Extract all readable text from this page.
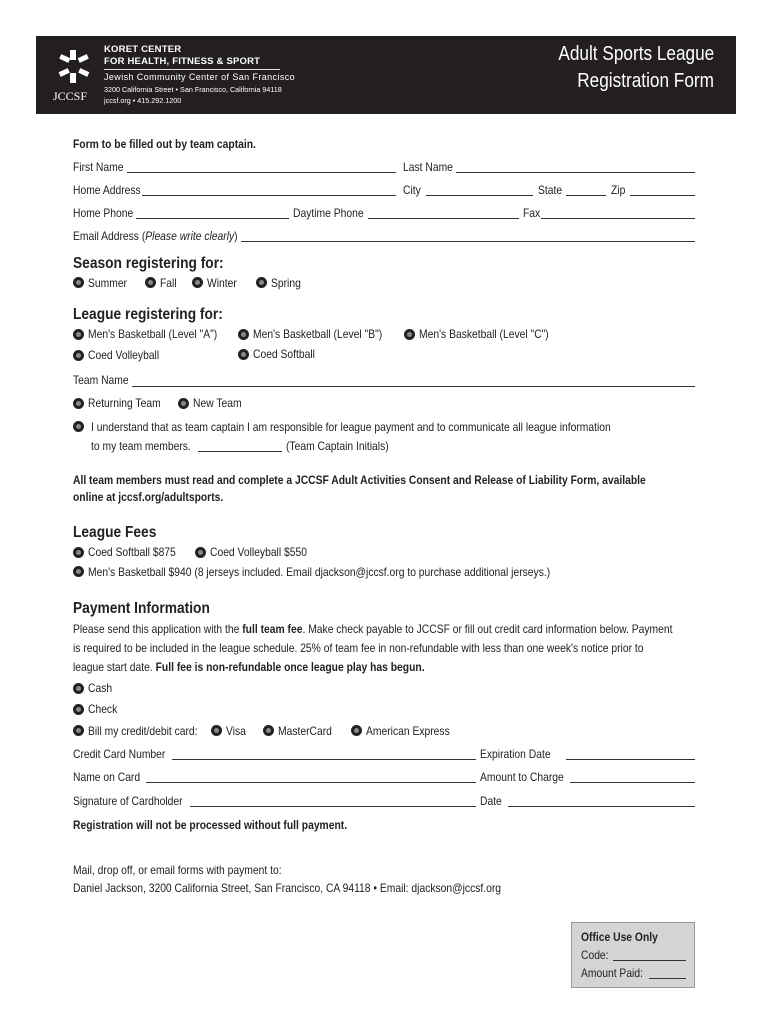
JCCSF
KORET CENTER
FOR HEALTH, FITNESS & SPORT
Jewish Community Center of San Francisco
3200 California Street • San Francisco, California 94118
jccsf.org • 415.292.1200
Adult Sports League
Registration Form
Form to be filled out by team captain.
First Name	Last Name
Home Address	City	State	Zip
Home Phone	Daytime Phone	Fax
Email Address (Please write clearly)
Season registering for:
Summer	Fall	Winter	Spring
League registering for:
Men's Basketball (Level "A")	Men's Basketball (Level "B")	Men's Basketball (Level "C")
Coed Volleyball	Coed Softball
Team Name
Returning Team	New Team
I understand that as team captain I am responsible for league payment and to communicate all league information
to my team members.	(Team Captain Initials)
All team members must read and complete a JCCSF Adult Activities Consent and Release of Liability Form, available
online at jccsf.org/adultsports.
League Fees
Coed Softball $875	Coed Volleyball $550
Men's Basketball $940 (8 jerseys included. Email djackson@jccsf.org to purchase additional jerseys.)
Payment Information
Please send this application with the full team fee. Make check payable to JCCSF or fill out credit card information below. Payment
is required to be included in the league schedule. 25% of team fee in non-refundable with less than one week's notice prior to
league start date. Full fee is non-refundable once league play has begun.
Cash
Check
Bill my credit/debit card: Visa	MasterCard	American Express
Credit Card Number	Expiration Date
Name on Card	Amount to Charge
Signature of Cardholder	Date
Registration will not be processed without full payment.
Mail, drop off, or email forms with payment to:
Daniel Jackson, 3200 California Street, San Francisco, CA 94118 • Email: djackson@jccsf.org
Office Use Only
Code:
Amount Paid:
